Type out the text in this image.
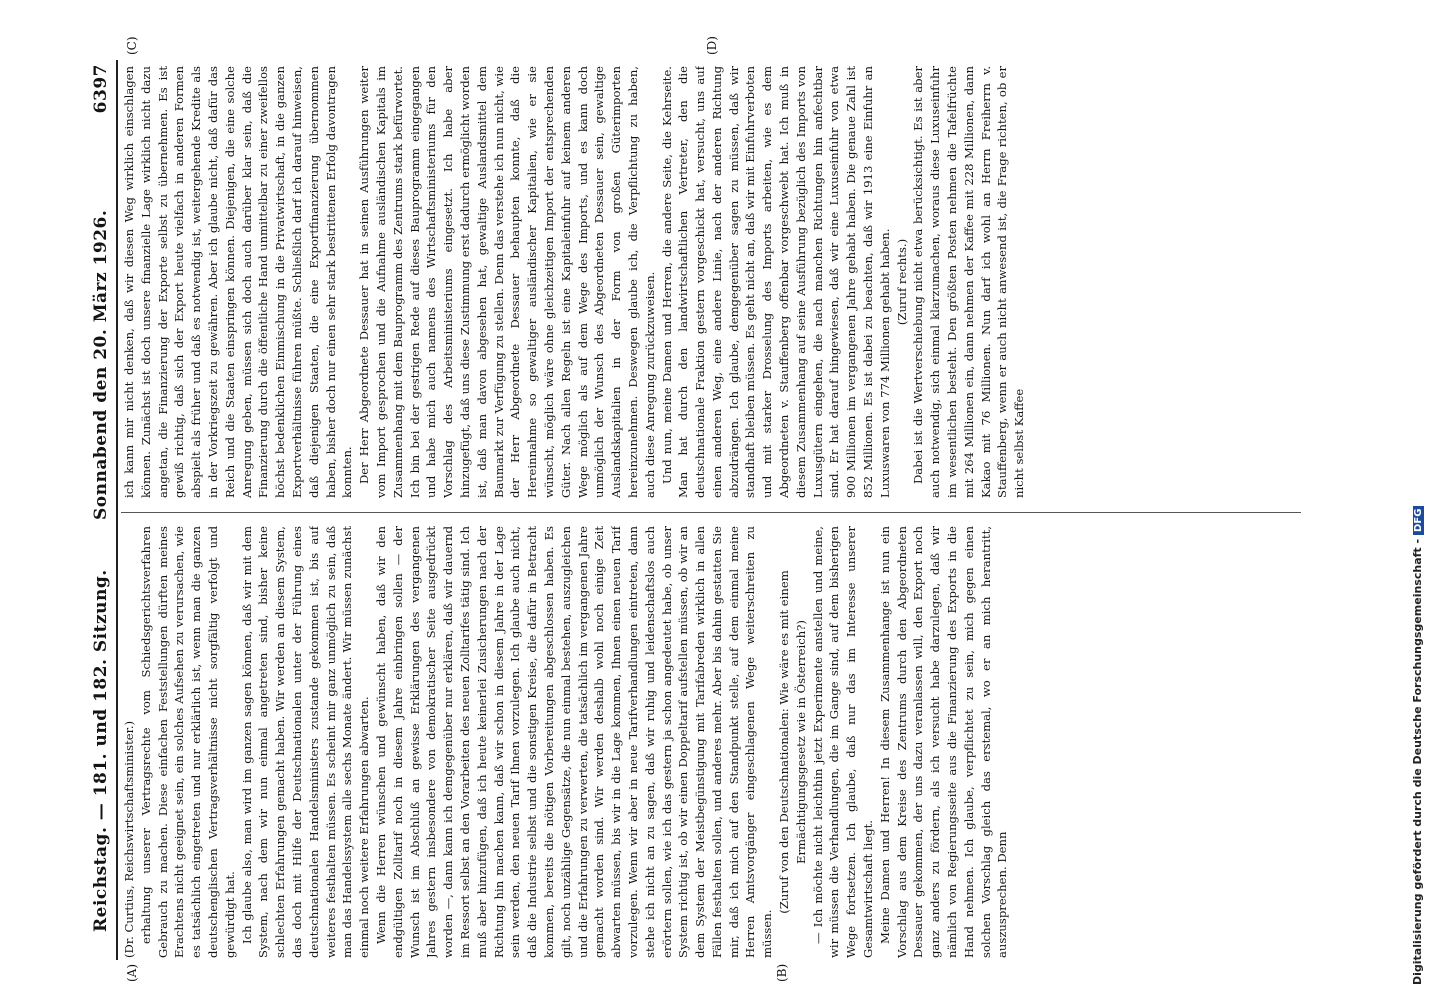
Reichstag. — 181. und 182. Sitzung.
Sonnabend den 20. März 1926.
6397

(Dr. Curtius, Reichswirtschaftsminister.) erhaltung unserer Vertragsrechte vom Schiedsgerichtsverfahren Gebrauch zu machen. Diese einfachen Feststellungen dürften meines Erachtens nicht geeignet sein, ein solches Aufsehen zu verursachen, wie es tatsächlich eingetreten und nur erklärlich ist, wenn man die ganzen deutschenglischen Vertragsverhältnisse nicht sorgfältig verfolgt und gewürdigt hat. Ich glaube also, man wird im ganzen sagen können, daß wir mit dem System, nach dem wir nun einmal angetreten sind, bisher keine schlechten Erfahrungen gemacht haben. Wir werden an diesem System, das doch mit Hilfe der Deutschnationalen unter der Führung eines deutschnationalen Handelsministers zustande gekommen ist, bis auf weiteres festhalten müssen. Es scheint mir ganz unmöglich zu sein, daß man das Handelssystem alle sechs Monate ändert. Wir müssen zunächst einmal noch weitere Erfahrungen abwarten. Wenn die Herren wünschen und gewünscht haben, daß wir den endgültigen Zolltarif noch in diesem Jahre einbringen sollen — der Wunsch ist im Abschluß an gewisse Erklärungen des vergangenen Jahres gestern insbesondere von demokratischer Seite ausgedrückt worden —, dann kann ich demgegenüber nur erklären, daß wir dauernd im Ressort selbst an den Vorarbeiten des neuen Zolltarifes tätig sind. Ich muß aber hinzufügen, daß ich heute keinerlei Zusicherungen nach der Richtung hin machen kann, daß wir schon in diesem Jahre in der Lage sein werden, den neuen Tarif Ihnen vorzulegen. Ich glaube auch nicht, daß die Industrie selbst und die sonstigen Kreise, die dafür in Betracht kommen, bereits die nötigen Vorbereitungen abgeschlossen haben. Es gilt, noch unzählige Gegensätze, die nun einmal bestehen, auszugleichen und die Erfahrungen zu verwerten, die tatsächlich im vergangenen Jahre gemacht worden sind. Wir werden deshalb wohl noch einige Zeit abwarten müssen, bis wir in die Lage kommen, Ihnen einen neuen Tarif vorzulegen. Wenn wir aber in neue Tarifverhandlungen eintreten, dann stehe ich nicht an zu sagen, daß wir ruhig und leidenschaftslos auch erörtern sollen, wie ich das gestern ja schon angedeutet habe, ob unser System richtig ist, ob wir einen Doppeltarif aufstellen müssen, ob wir an dem System der Meistbegünstigung mit Tarifabreden wirklich in allen Fällen festhalten sollen, und anderes mehr. Aber bis dahin gestatten Sie mir, daß ich mich auf den Standpunkt stelle, auf dem einmal meine Herren Amtsvorgänger eingeschlagenen Wege weiterschreiten zu müssen.

(Zuruf von den Deutschnationalen: Wie wäre es mit einem Ermächtigungsgesetz wie in Österreich?) — Ich möchte nicht leichthin jetzt Experimente anstellen und meine, wir müssen die Verhandlungen, die im Gange sind, auf dem bisherigen Wege fortsetzen. Ich glaube, daß nur das im Interesse unserer Gesamtwirtschaft liegt. Meine Damen und Herren! In diesem Zusammenhange ist nun ein Vorschlag aus dem Kreise des Zentrums durch den Abgeordneten Dessauer gekommen, der uns dazu veranlassen will, den Export noch ganz anders zu fördern, als ich versucht habe darzulegen, daß wir nämlich von Regierungsseite aus die Finanzierung des Exports in die Hand nehmen. Ich glaube, verpflichtet zu sein, mich gegen einen solchen Vorschlag gleich das erstemal, wo er an mich herantritt, auszusprechen. Denn

ich kann mir nicht denken, daß wir diesen Weg wirklich einschlagen können. Zunächst ist doch unsere finanzielle Lage wirklich nicht dazu angetan, die Finanzierung der Exporte selbst zu übernehmen. Es ist gewiß richtig, daß sich der Export heute vielfach in anderen Formen abspielt als früher und daß es notwendig ist, weitergehende Kredite als in der Vorkriegszeit zu gewähren. Aber ich glaube nicht, daß dafür das Reich und die Staaten einspringen können. Diejenigen, die eine solche Anregung geben, müssen sich doch auch darüber klar sein, daß die Finanzierung durch die öffentliche Hand unmittelbar zu einer zweifellos höchst bedenklichen Einmischung in die Privatwirtschaft, in die ganzen Exportverhältnisse führen müßte. Schließlich darf ich darauf hinweisen, daß diejenigen Staaten, die eine Exportfinanzierung übernommen haben, bisher doch nur einen sehr stark bestrittenen Erfolg davontragen konnten. Der Herr Abgeordnete Dessauer hat in seinen Ausführungen weiter vom Import gesprochen und die Aufnahme ausländischen Kapitals im Zusammenhang mit dem Bauprogramm des Zentrums stark befürwortet. Ich bin bei der gestrigen Rede auf dieses Bauprogramm eingegangen und habe mich auch namens des Wirtschaftsministeriums für den Vorschlag des Arbeitsministeriums eingesetzt. Ich habe aber hinzugefügt, daß uns diese Zustimmung erst dadurch ermöglicht worden ist, daß man davon abgesehen hat, gewaltige Auslandsmittel dem Baumarkt zur Verfügung zu stellen. Denn das verstehe ich nun nicht, wie der Herr Abgeordnete Dessauer behaupten konnte, daß die Hereinnahme so gewaltiger ausländischer Kapitalien, wie er sie wünscht, möglich wäre ohne gleichzeitigen Import der entsprechenden Güter. Nach allen Regeln ist eine Kapitaleinfuhr auf keinem anderen Wege möglich als auf dem Wege des Imports, und es kann doch unmöglich der Wunsch des Abgeordneten Dessauer sein, gewaltige Auslandskapitalien in der Form von großen Güterimporten hereinzunehmen. Deswegen glaube ich, die Verpflichtung zu haben, auch diese Anregung zurückzuweisen. Und nun, meine Damen und Herren, die andere Seite, die Kehrseite. Man hat durch den landwirtschaftlichen Vertreter, den die deutschnationale Fraktion gestern vorgeschickt hat, versucht, uns auf einen anderen Weg, eine andere Linie, nach der anderen Richtung abzudrängen. Ich glaube, demgegenüber sagen zu müssen, daß wir standhaft bleiben müssen. Es geht nicht an, daß wir mit Einfuhrverboten und mit starker Drosselung des Imports arbeiten, wie es dem Abgeordneten v. Stauffenberg offenbar vorgeschwebt hat. Ich muß in diesem Zusammenhang auf seine Ausführung bezüglich des Imports von Luxusgütern eingehen, die nach manchen Richtungen hin anfechtbar sind. Er hat darauf hingewiesen, daß wir eine Luxuseinfuhr von etwa 900 Millionen im vergangenen Jahre gehabt haben. Die genaue Zahl ist 852 Millionen. Es ist dabei zu beachten, daß wir 1913 eine Einfuhr an Luxuswaren von 774 Millionen gehabt haben. (Zuruf rechts.) Dabei ist die Wertverschiebung nicht etwa berücksichtigt. Es ist aber auch notwendig, sich einmal klarzumachen, woraus diese Luxuseinfuhr im wesentlichen besteht. Den größten Posten nehmen die Tafelfrüchte mit 264 Millionen ein, dann nehmen der Kaffee mit 228 Millionen, dann Kakao mit 76 Millionen. Nun darf ich wohl an Herrn Freiherrn v. Stauffenberg, wenn er auch nicht anwesend ist, die Frage richten, ob er nicht selbst Kaffee

(A)	(B)
(C)	(D)
Digitalisierung gefördert durch die Deutsche Forschungsgemeinschaft -DFG
